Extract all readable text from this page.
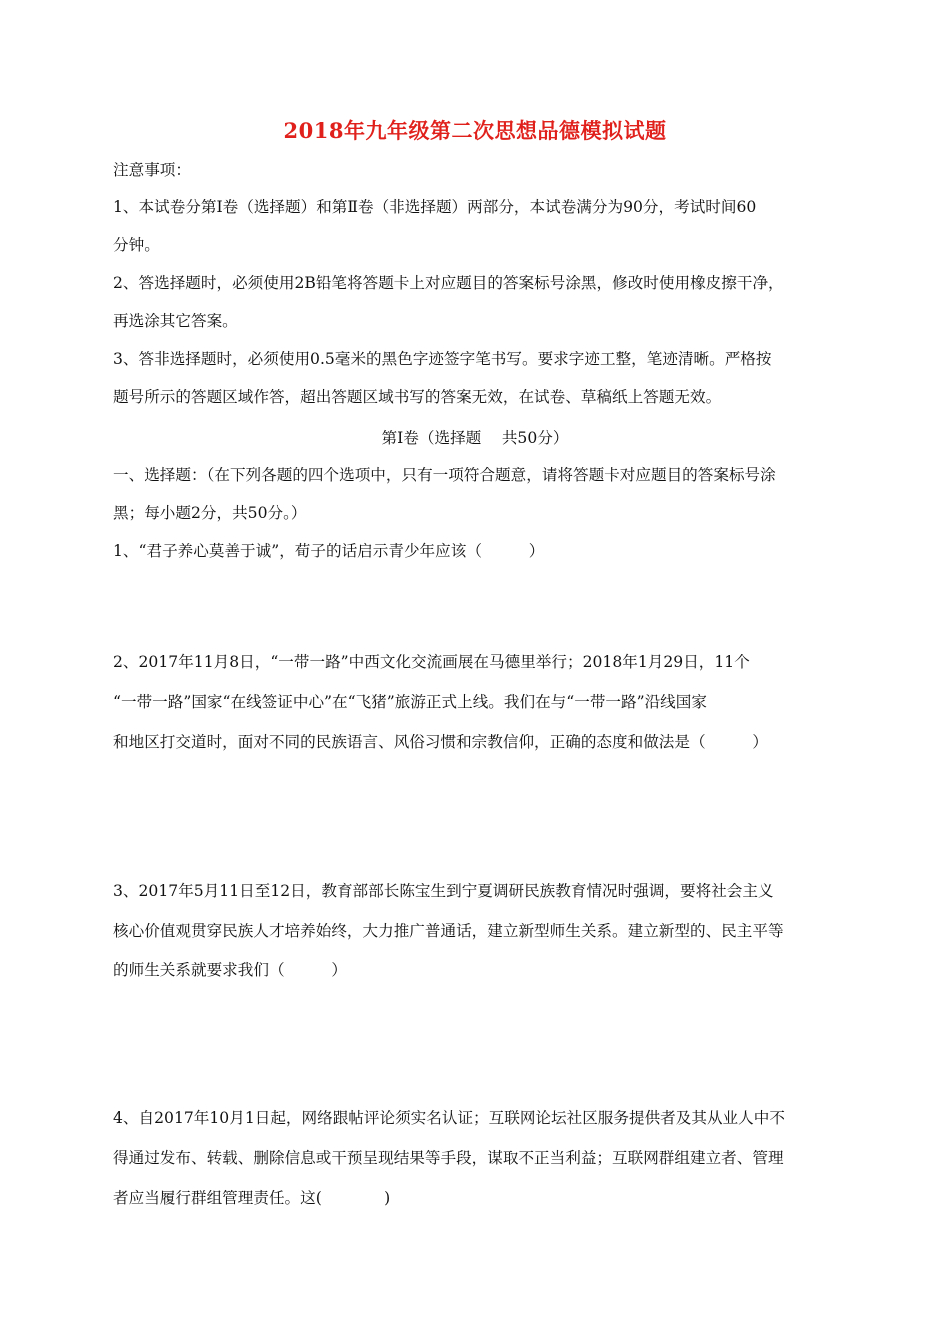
2018年九年级第二次思想品德模拟试题
注意事项：
1、本试卷分第Ⅰ卷（选择题）和第Ⅱ卷（非选择题）两部分，本试卷满分为90分，考试时间60
分钟。
2、答选择题时，必须使用2B铅笔将答题卡上对应题目的答案标号涂黑，修改时使用橡皮擦干净，
再选涂其它答案。
3、答非选择题时，必须使用0.5毫米的黑色字迹签字笔书写。要求字迹工整，笔迹清晰。严格按
题号所示的答题区域作答，超出答题区域书写的答案无效，在试卷、草稿纸上答题无效。
第Ⅰ卷（选择题　 共50分）
一、选择题：（在下列各题的四个选项中，只有一项符合题意，请将答题卡对应题目的答案标号涂
黑；每小题2分，共50分。）
1、“君子养心莫善于诚”，荀子的话启示青少年应该（　　　）
2、2017年11月8日，“一带一路”中西文化交流画展在马德里举行；2018年1月29日，11个
“一带一路”国家“在线签证中心”在“飞猪”旅游正式上线。我们在与“一带一路”沿线国家
和地区打交道时，面对不同的民族语言、风俗习惯和宗教信仰，正确的态度和做法是（　　　）
3、2017年5月11日至12日，教育部部长陈宝生到宁夏调研民族教育情况时强调，要将社会主义
核心价值观贯穿民族人才培养始终，大力推广普通话，建立新型师生关系。建立新型的、民主平等
的师生关系就要求我们（　　　）
4、自2017年10月1日起，网络跟帖评论须实名认证；互联网论坛社区服务提供者及其从业人中不
得通过发布、转载、删除信息或干预呈现结果等手段，谋取不正当利益；互联网群组建立者、管理
者应当履行群组管理责任。这(　　　　)
